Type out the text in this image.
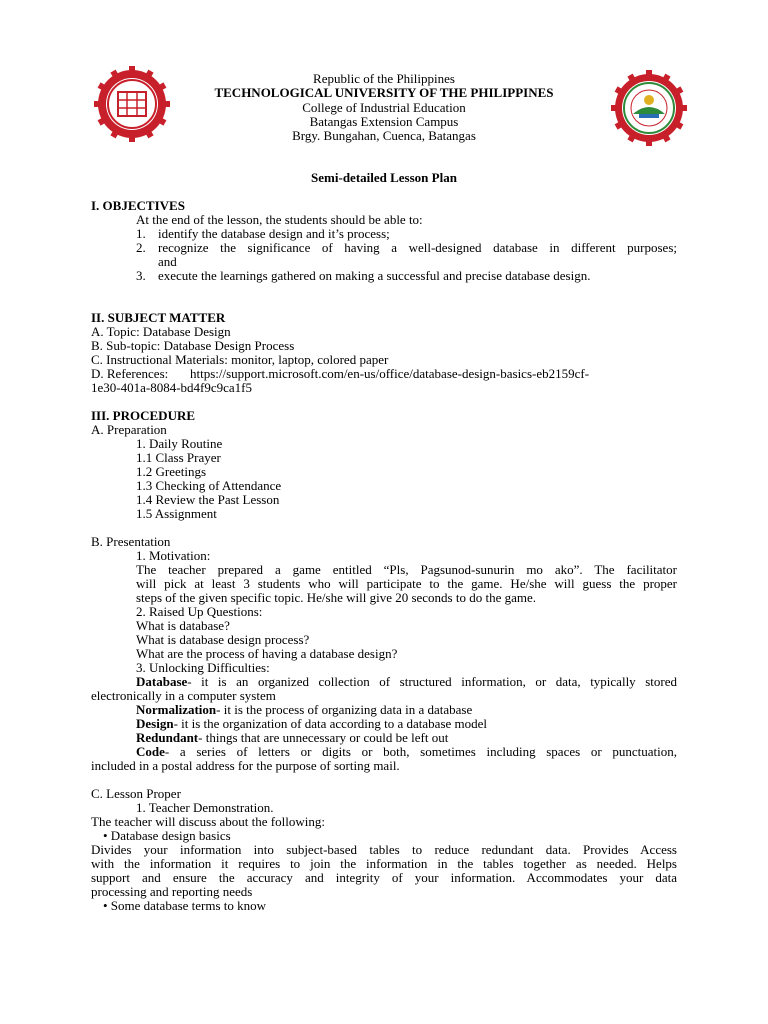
Republic of the Philippines
TECHNOLOGICAL UNIVERSITY OF THE PHILIPPINES
College of Industrial Education
Batangas Extension Campus
Brgy. Bungahan, Cuenca, Batangas
Semi-detailed Lesson Plan
I. OBJECTIVES
At the end of the lesson, the students should be able to:
1. identify the database design and it’s process;
2. recognize the significance of having a well-designed database in different purposes;
and
3. execute the learnings gathered on making a successful and precise database design.
II. SUBJECT MATTER
A. Topic: Database Design
B. Sub-topic: Database Design Process
C. Instructional Materials: monitor, laptop, colored paper
D. References: https://support.microsoft.com/en-us/office/database-design-basics-eb2159cf-
1e30-401a-8084-bd4f9c9ca1f5
III. PROCEDURE
A. Preparation
1. Daily Routine
1.1 Class Prayer
1.2 Greetings
1.3 Checking of Attendance
1.4 Review the Past Lesson
1.5 Assignment
B. Presentation
1. Motivation:
The teacher prepared a game entitled “Pls, Pagsunod-sunurin mo ako”. The facilitator
will pick at least 3 students who will participate to the game. He/she will guess the proper
steps of the given specific topic. He/she will give 20 seconds to do the game.
2. Raised Up Questions:
What is database?
What is database design process?
What are the process of having a database design?
3. Unlocking Difficulties:
Database- it is an organized collection of structured information, or data, typically stored
electronically in a computer system
Normalization- it is the process of organizing data in a database
Design- it is the organization of data according to a database model
Redundant- things that are unnecessary or could be left out
Code- a series of letters or digits or both, sometimes including spaces or punctuation,
included in a postal address for the purpose of sorting mail.
C. Lesson Proper
1. Teacher Demonstration.
The teacher will discuss about the following:
• Database design basics
Divides your information into subject-based tables to reduce redundant data. Provides Access
with the information it requires to join the information in the tables together as needed. Helps
support and ensure the accuracy and integrity of your information. Accommodates your data
processing and reporting needs
• Some database terms to know
